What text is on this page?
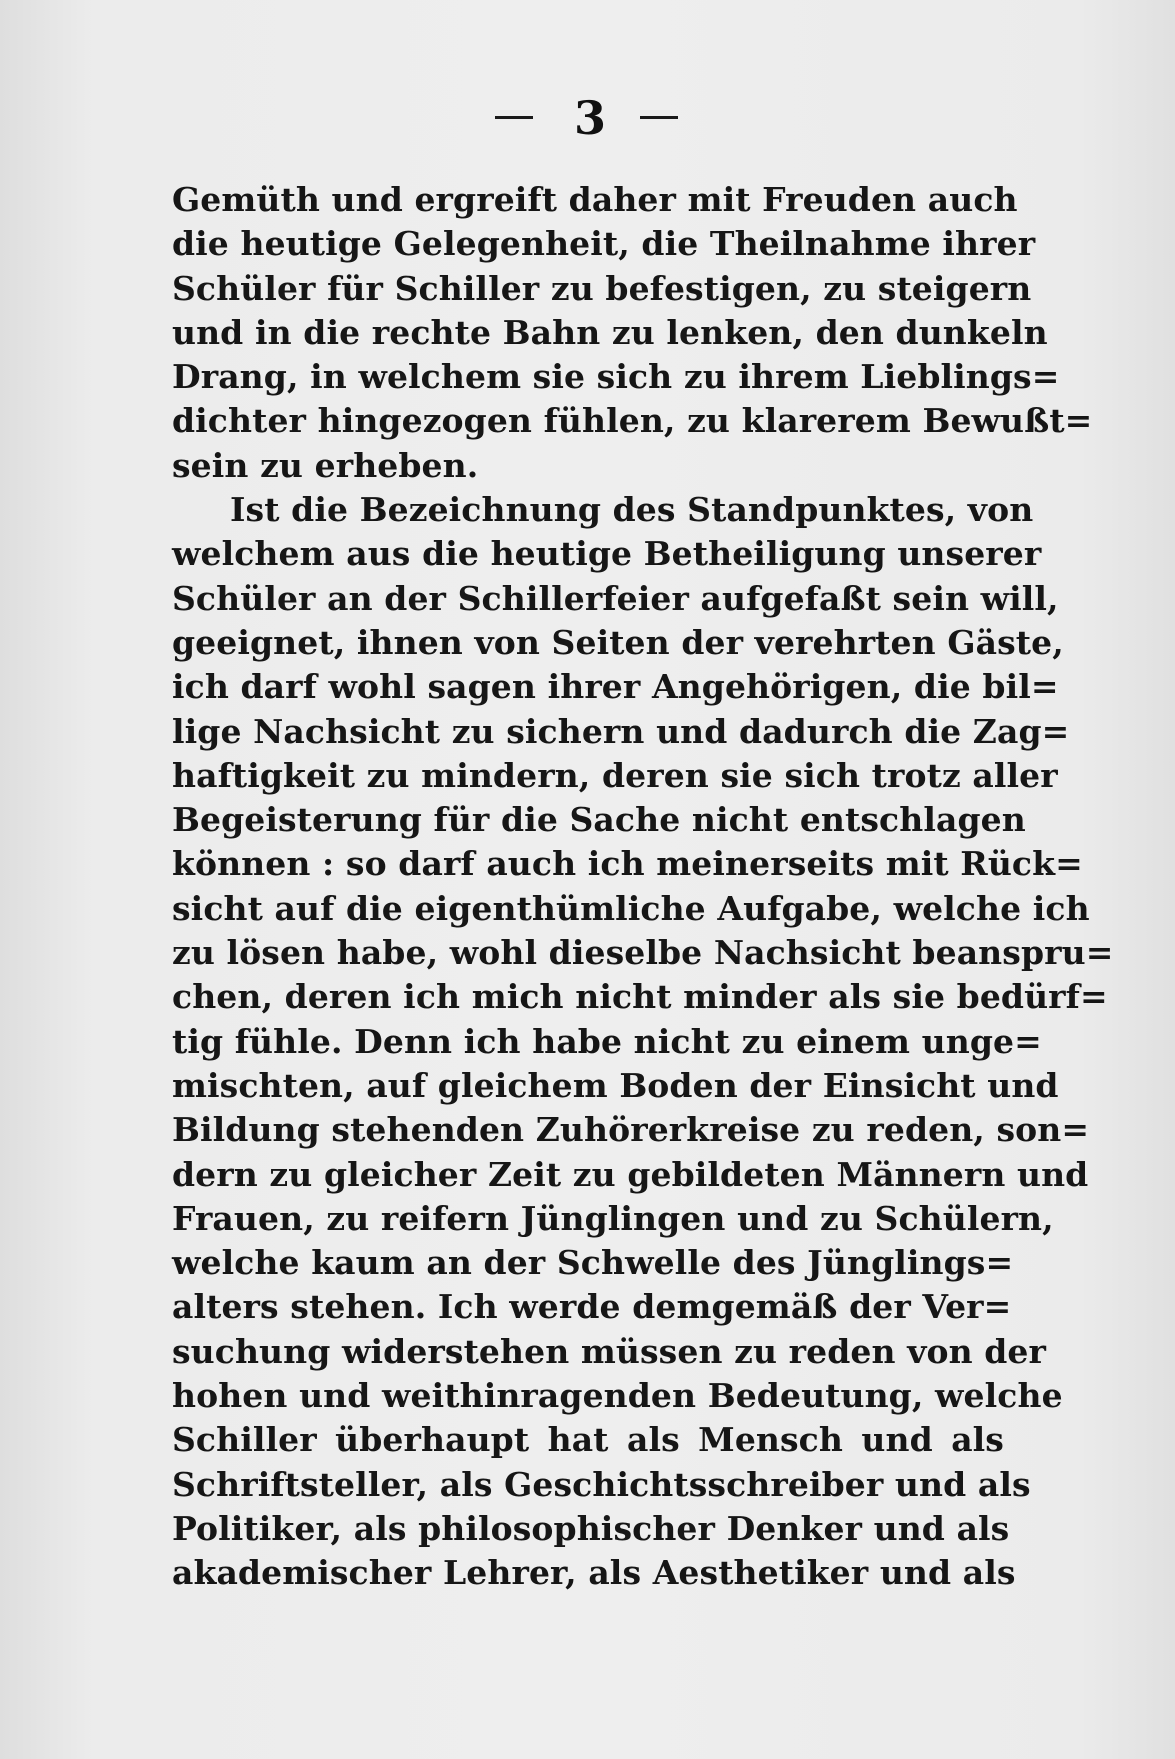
3
Gemüth und ergreift daher mit Freuden auch
die heutige Gelegenheit, die Theilnahme ihrer
Schüler für Schiller zu befestigen, zu steigern
und in die rechte Bahn zu lenken, den dunkeln
Drang, in welchem sie sich zu ihrem Lieblings=
dichter hingezogen fühlen, zu klarerem Bewußt=
sein zu erheben.
Ist die Bezeichnung des Standpunktes, von
welchem aus die heutige Betheiligung unserer
Schüler an der Schillerfeier aufgefaßt sein will,
geeignet, ihnen von Seiten der verehrten Gäste,
ich darf wohl sagen ihrer Angehörigen, die bil=
lige Nachsicht zu sichern und dadurch die Zag=
haftigkeit zu mindern, deren sie sich trotz aller
Begeisterung für die Sache nicht entschlagen
können : so darf auch ich meinerseits mit Rück=
sicht auf die eigenthümliche Aufgabe, welche ich
zu lösen habe, wohl dieselbe Nachsicht beanspru=
chen, deren ich mich nicht minder als sie bedürf=
tig fühle. Denn ich habe nicht zu einem unge=
mischten, auf gleichem Boden der Einsicht und
Bildung stehenden Zuhörerkreise zu reden, son=
dern zu gleicher Zeit zu gebildeten Männern und
Frauen, zu reifern Jünglingen und zu Schülern,
welche kaum an der Schwelle des Jünglings=
alters stehen. Ich werde demgemäß der Ver=
suchung widerstehen müssen zu reden von der
hohen und weithinragenden Bedeutung, welche
Schiller überhaupt hat als Mensch und als
Schriftsteller, als Geschichtsschreiber und als
Politiker, als philosophischer Denker und als
akademischer Lehrer, als Aesthetiker und als
